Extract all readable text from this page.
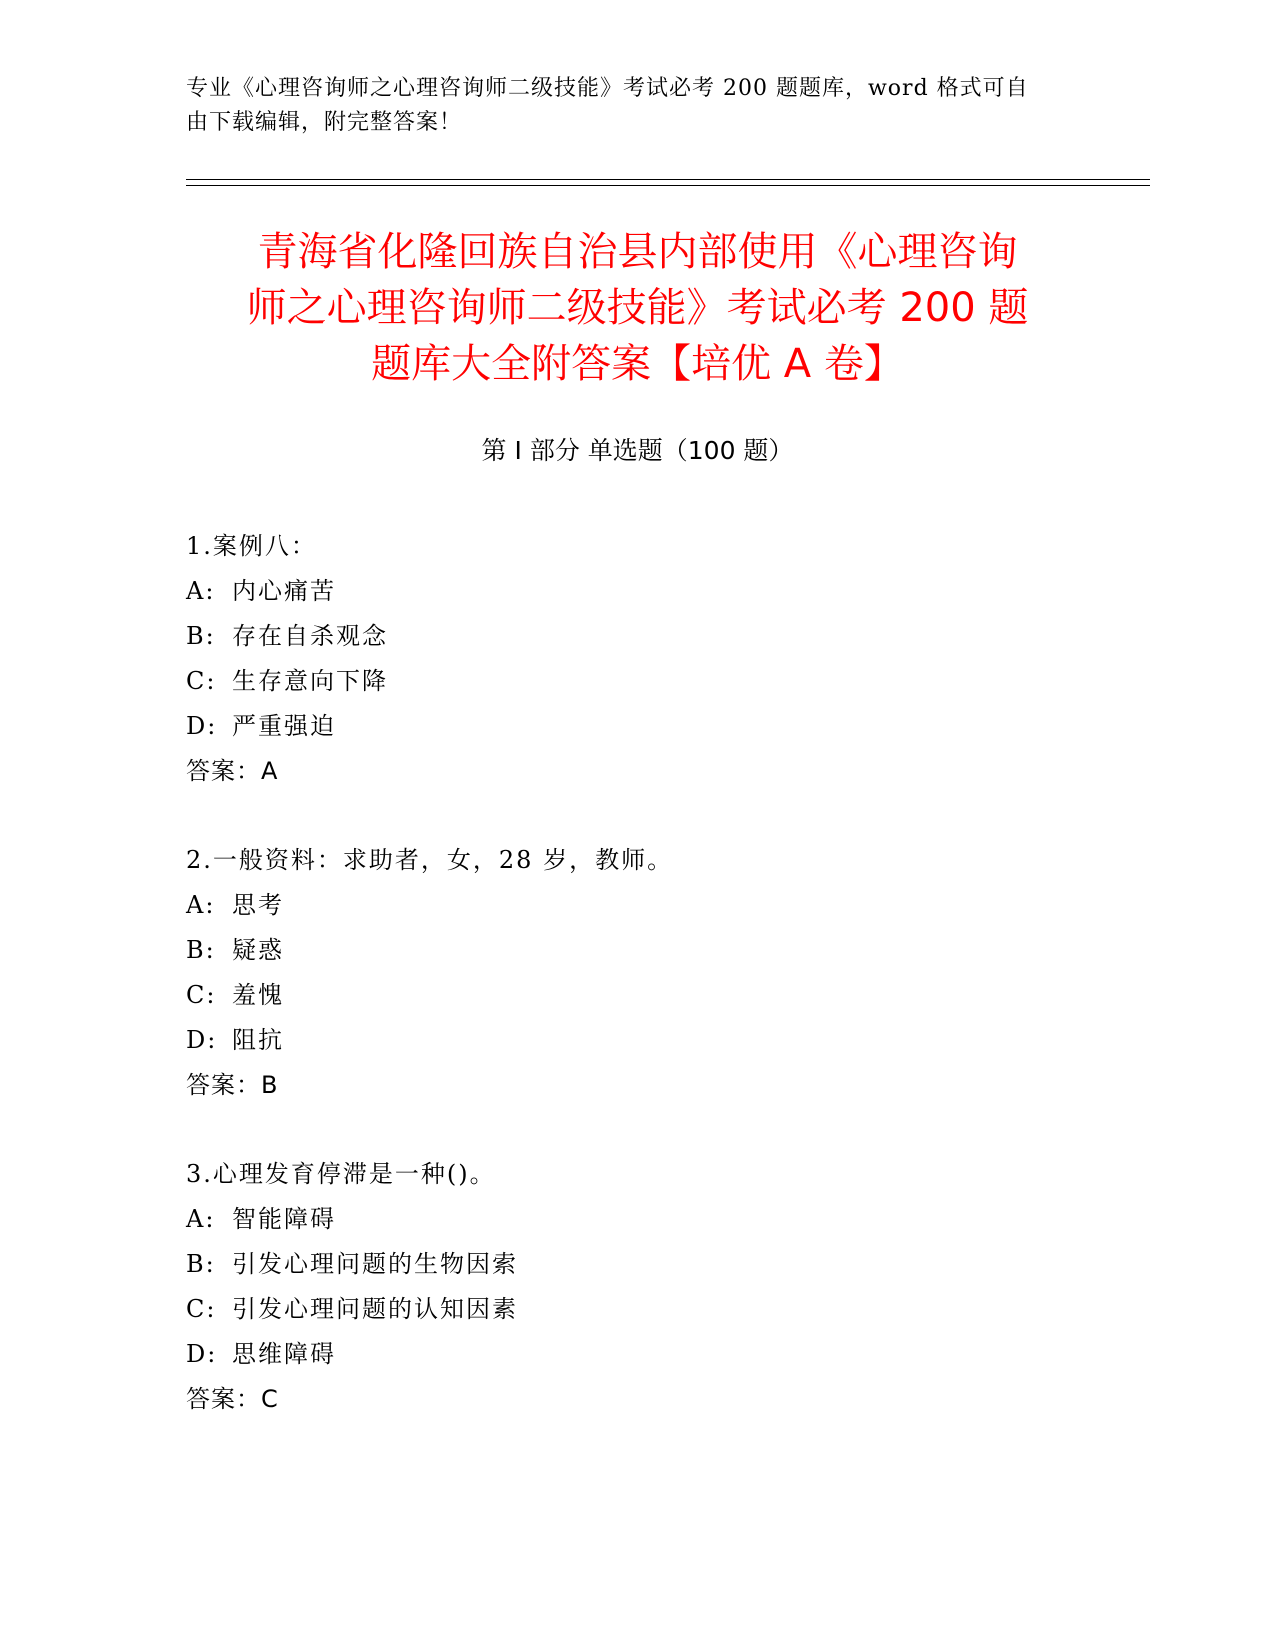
专业《心理咨询师之心理咨询师二级技能》考试必考 200 题题库，word 格式可自
由下载编辑，附完整答案！
青海省化隆回族自治县内部使用《心理咨询
师之心理咨询师二级技能》考试必考 200 题
题库大全附答案【培优 A 卷】
第 I 部分 单选题（100 题）
1.案例八：
A: 内心痛苦
B: 存在自杀观念
C: 生存意向下降
D: 严重强迫
答案：A
2.一般资料：求助者，女，28 岁，教师。
A: 思考
B: 疑惑
C: 羞愧
D: 阻抗
答案：B
3.心理发育停滞是一种()。
A: 智能障碍
B: 引发心理问题的生物因索
C: 引发心理问题的认知因素
D: 思维障碍
答案：C
